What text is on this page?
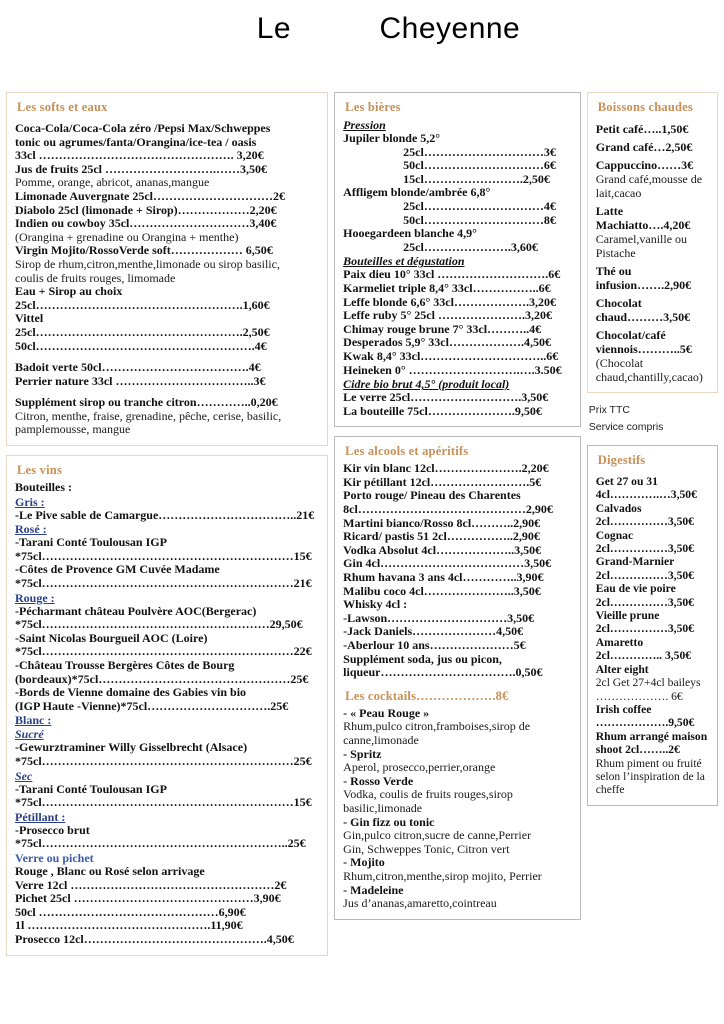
Le          Cheyenne

Les softs et eaux
Coca-Cola/Coca-Cola zéro /Pepsi Max/Schweppes
tonic ou agrumes/fanta/Orangina/ice-tea / oasis
33cl …………………………………………. 3,20€
Jus de fruits 25cl ……………………….……3,50€
Pomme, orange, abricot, ananas,mangue
Limonade Auvergnate 25cl…………………………2€
Diabolo 25cl (limonade + Sirop)………………2,20€
Indien ou cowboy 35cl…………………………3,40€
(Orangina + grenadine ou Orangina + menthe)
Virgin Mojito/RossoVerde soft……………… 6,50€
Sirop de rhum,citron,menthe,limonade ou sirop basilic,
coulis de fruits rouges, limomade
Eau + Sirop au choix
25cl…………………………………………….1,60€
Vittel
25cl…………………………………………….2,50€
50cl……………………………………………….4€
Badoit verte 50cl……………………………….4€
Perrier nature 33cl ……………………………..3€
Supplément sirop ou tranche citron…………..0,20€
Citron, menthe, fraise, grenadine, pêche, cerise, basilic,
pamplemousse, mangue
Les vins
Bouteilles :
Gris :
-Le Pive sable de Camargue……………………………..21€
Rosé :
-Tarani Conté Toulousan IGP
*75cl………………………………………………………15€
-Côtes de Provence GM Cuvée Madame
*75cl………………………………………………………21€
Rouge :
-Pécharmant château Poulvère AOC(Bergerac)
*75cl…………………………………………………29,50€
-Saint Nicolas Bourgueil AOC (Loire)
*75cl………………………………………………………22€
-Château Trousse Bergères Côtes de Bourg
(bordeaux)*75cl…………………………………………25€
-Bords de Vienne domaine des Gabies vin bio
(IGP Haute -Vienne)*75cl………………………….25€
Blanc :
Sucré
-Gewurztraminer Willy Gisselbrecht (Alsace)
*75cl………………………………………………………25€
Sec
-Tarani Conté Toulousan IGP
*75cl………………………………………………………15€
Pétillant :
-Prosecco brut
*75cl……………………………………………………..25€
Verre ou pichet
Rouge , Blanc ou Rosé selon arrivage
Verre 12cl ……………………………………………2€
Pichet 25cl ………………………………………3,90€
50cl ………………………………………6,90€
1l ……………………………………….11,90€
Prosecco 12cl……………………………………….4,50€
Les bières
Pression
Jupiler blonde 5,2°
25cl…………………………3€
50cl…………………………6€
15cl…………………….2,50€
Affligem blonde/ambrée 6,8°
25cl…………………………4€
50cl…………………………8€
Hooegardeen blanche 4,9°
25cl………………….3,60€
Bouteilles et dégustation
Paix dieu 10° 33cl ……………………….6€
Karmeliet triple 8,4° 33cl……………..6€
Leffe blonde 6,6° 33cl……………….3,20€
Leffe ruby 5° 25cl ………………….3,20€
Chimay rouge brune 7° 33cl………..4€
Desperados 5,9° 33cl……………….4,50€
Kwak 8,4° 33cl…………………………..6€
Heineken 0° ……………………….….3.50€
Cidre bio brut 4,5° (produit local)
Le verre 25cl……………………….3,50€
La bouteille 75cl………………….9,50€
Les alcools et apéritifs
Kir vin blanc 12cl………………….2,20€
Kir pétillant 12cl…………………….5€
Porto rouge/ Pineau des Charentes
8cl……………………………………2,90€
Martini bianco/Rosso 8cl………..2,90€
Ricard/ pastis 51 2cl……………..2,90€
Vodka Absolut 4cl………………..3,50€
Gin 4cl………………………………3,50€
Rhum havana 3 ans 4cl…………..3,90€
Malibu coco 4cl…………………..3,50€
Whisky 4cl :
-Lawson…………………………3,50€
-Jack Daniels…………………4,50€
-Aberlour 10 ans…………………5€
Supplément soda, jus ou picon,
liqueur…………………………….0,50€
Les cocktails……………….8€
- « Peau Rouge »
Rhum,pulco citron,framboises,sirop de
canne,limonade
- Spritz
Aperol, prosecco,perrier,orange
- Rosso Verde
Vodka, coulis de fruits rouges,sirop
basilic,limonade
- Gin fizz ou tonic
Gin,pulco citron,sucre de canne,Perrier
Gin, Schweppes Tonic, Citron vert
- Mojito
Rhum,citron,menthe,sirop mojito, Perrier
- Madeleine
Jus d’ananas,amaretto,cointreau
Boissons chaudes
Petit café…..1,50€
Grand café…2,50€
Cappuccino……3€
Grand café,mousse de
lait,cacao
Latte Machiatto….4,20€
Caramel,vanille ou
Pistache
Thé ou
infusion…….2,90€
Chocolat
chaud………3,50€
Chocolat/café
viennois………..5€
(Chocolat
chaud,chantilly,cacao)
Prix TTC
Service compris
Digestifs
Get 27 ou 31
4cl………….…3,50€
Calvados
2cl……………3,50€
Cognac
2cl……………3,50€
Grand-Marnier
2cl……………3,50€
Eau de vie poire
2cl……………3,50€
Vieille prune
2cl……………3,50€
Amaretto
2cl………….. 3,50€
Alter eight
2cl Get 27+4cl baileys
………………. 6€
Irish coffee
……………….9,50€
Rhum arrangé maison
shoot 2cl……..2€
Rhum piment ou fruité
selon l’inspiration de la
cheffe
